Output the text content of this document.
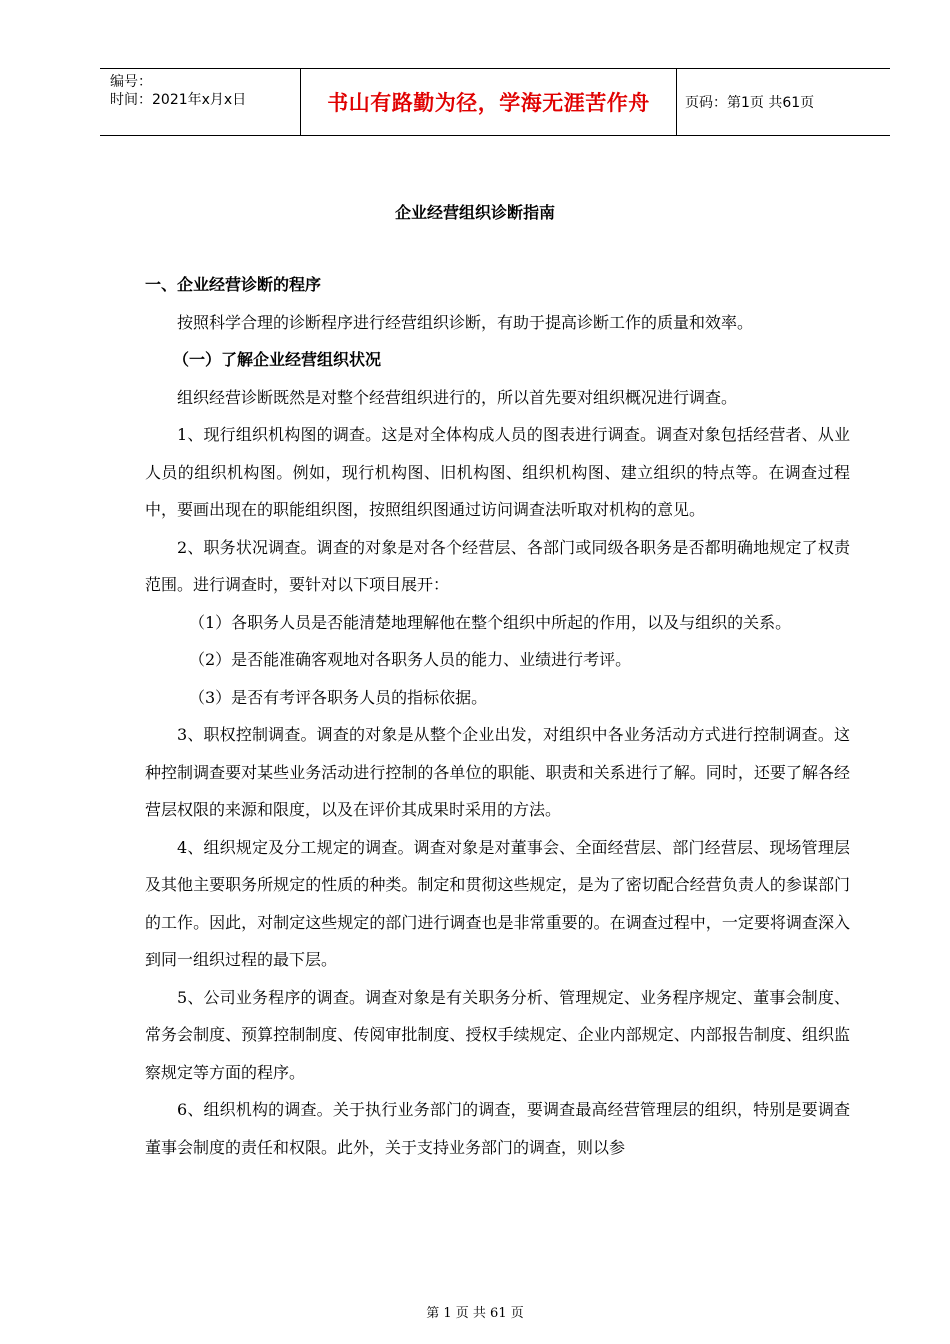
编号：
时间：2021年x月x日	书山有路勤为径，学海无涯苦作舟	页码：第1页 共61页
企业经营组织诊断指南

一、企业经营诊断的程序

按照科学合理的诊断程序进行经营组织诊断，有助于提高诊断工作的质量和效率。

（一）了解企业经营组织状况

组织经营诊断既然是对整个经营组织进行的，所以首先要对组织概况进行调查。

1、现行组织机构图的调查。这是对全体构成人员的图表进行调查。调查对象包括经营者、从业人员的组织机构图。例如，现行机构图、旧机构图、组织机构图、建立组织的特点等。在调查过程中，要画出现在的职能组织图，按照组织图通过访问调查法听取对机构的意见。

2、职务状况调查。调查的对象是对各个经营层、各部门或同级各职务是否都明确地规定了权责范围。进行调查时，要针对以下项目展开：

（1）各职务人员是否能清楚地理解他在整个组织中所起的作用，以及与组织的关系。

（2）是否能准确客观地对各职务人员的能力、业绩进行考评。

（3）是否有考评各职务人员的指标依据。

3、职权控制调查。调查的对象是从整个企业出发，对组织中各业务活动方式进行控制调查。这种控制调查要对某些业务活动进行控制的各单位的职能、职责和关系进行了解。同时，还要了解各经营层权限的来源和限度，以及在评价其成果时采用的方法。

4、组织规定及分工规定的调查。调查对象是对董事会、全面经营层、部门经营层、现场管理层及其他主要职务所规定的性质的种类。制定和贯彻这些规定，是为了密切配合经营负责人的参谋部门的工作。因此，对制定这些规定的部门进行调查也是非常重要的。在调查过程中，一定要将调查深入到同一组织过程的最下层。

5、公司业务程序的调查。调查对象是有关职务分析、管理规定、业务程序规定、董事会制度、常务会制度、预算控制制度、传阅审批制度、授权手续规定、企业内部规定、内部报告制度、组织监察规定等方面的程序。

6、组织机构的调查。关于执行业务部门的调查，要调查最高经营管理层的组织，特别是要调查董事会制度的责任和权限。此外，关于支持业务部门的调查，则以参

第 1 页 共 61 页
